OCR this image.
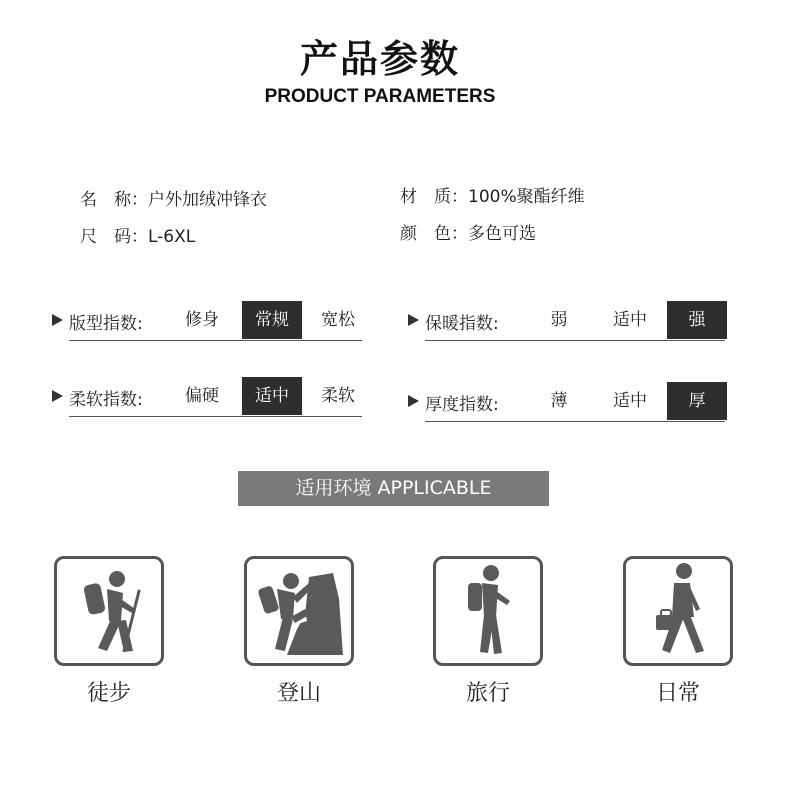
产品参数
PRODUCT PARAMETERS
名　称：户外加绒冲锋衣	材　质：100%聚酯纤维
尺　码：L-6XL	颜　色：多色可选
版型指数:	修身	常规	宽松	保暖指数:	弱	适中	强
柔软指数:	偏硬	适中	柔软	厚度指数:	薄	适中	厚
适用环境 APPLICABLE
徒步	登山	旅行	日常
